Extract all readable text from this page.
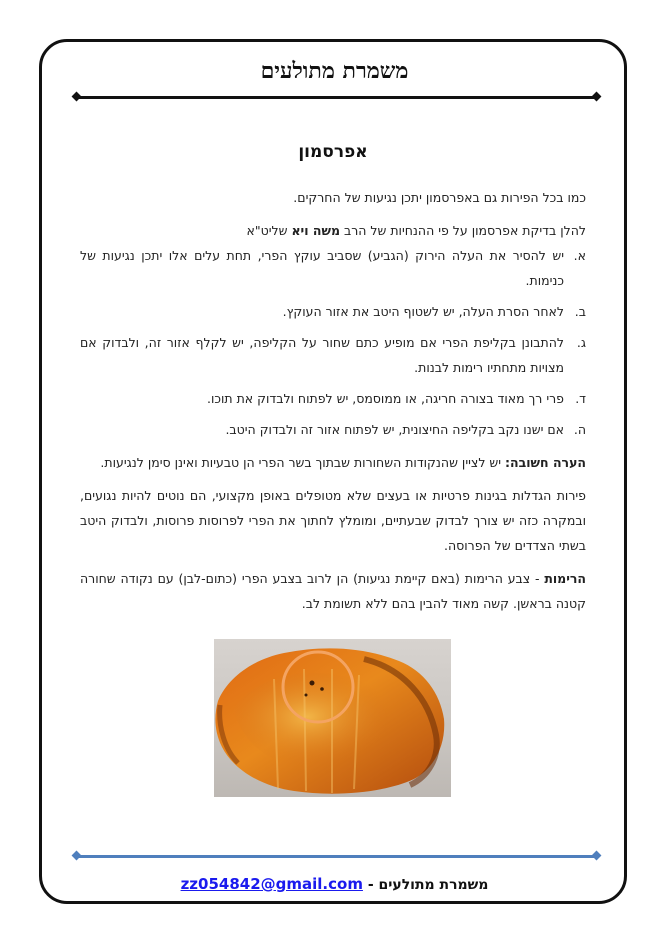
משמרת מתולעים
אפרסמון

כמו בכל הפירות גם באפרסמון יתכן נגיעות של החרקים.

להלן בדיקת אפרסמון על פי ההנחיות של הרב משה ויא שליט"א

א.
יש להסיר את העלה הירוק (הגביע) שסביב עוקץ הפרי, תחת עלים אלו יתכן נגיעות של כנימות.
ב.
לאחר הסרת העלה, יש לשטוף היטב את אזור העוקץ.
ג.
להתבונן בקליפת הפרי אם מופיע כתם שחור על הקליפה, יש לקלף אזור זה, ולבדוק אם מצויות מתחתיו רימות לבנות.
ד.
פרי רך מאוד בצורה חריגה, או ממוסמס, יש לפתוח ולבדוק את תוכו.
ה.
אם ישנו נקב בקליפה החיצונית, יש לפתוח אזור זה ולבדוק היטב.

הערה חשובה: יש לציין שהנקודות השחורות שבתוך בשר הפרי הן טבעיות ואינן סימן לנגיעות.

פירות הגדלות בגינות פרטיות או בעצים שלא מטופלים באופן מקצועי, הם נוטים להיות נגועים, ובמקרה כזה יש צורך לבדוק שבעתיים, ומומלץ לחתוך את הפרי לפרוסות פרוסות, ולבדוק היטב בשתי הצדדים של הפרוסה.

הרימות - צבע הרימות (באם קיימת נגיעות) הן לרוב בצבע הפרי (כתום-לבן) עם נקודה שחורה קטנה בראשן. קשה מאוד להבין בהם ללא תשומת לב.

משמרת מתולעים - zz054842@gmail.com
